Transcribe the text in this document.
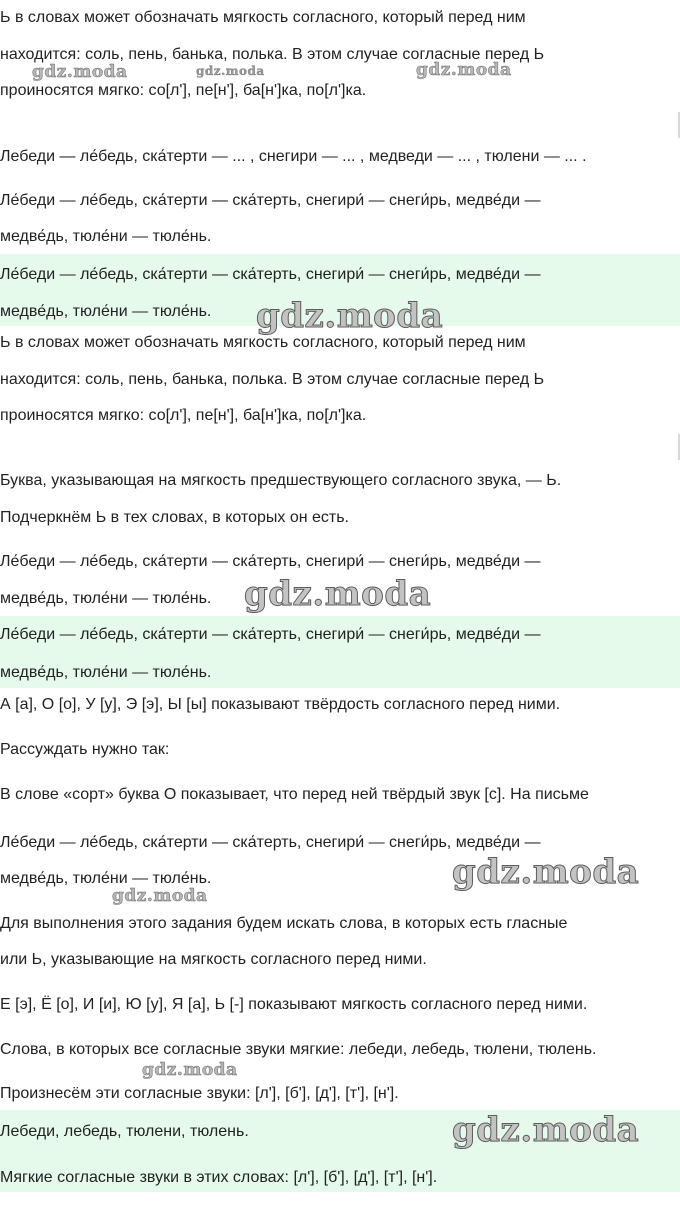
Ь в словах может обозначать мягкость согласного, который перед ним
находится: соль, пень, банька, полька. В этом случае согласные перед Ь
проиносятся мягко: со[л'], пе[н'], ба[н']ка, по[л']ка.
Лебеди — ле́бедь, ска́терти — ... , снегири — ... , медведи — ... , тюлени — ... .
Ле́беди — ле́бедь, ска́терти — ска́терть, снегири́ — снеги́рь, медве́ди —
медве́дь, тюле́ни — тюле́нь.
Ле́беди — ле́бедь, ска́терти — ска́терть, снегири́ — снеги́рь, медве́ди —
медве́дь, тюле́ни — тюле́нь.
Ь в словах может обозначать мягкость согласного, который перед ним
находится: соль, пень, банька, полька. В этом случае согласные перед Ь
проиносятся мягко: со[л'], пе[н'], ба[н']ка, по[л']ка.
Буква, указывающая на мягкость предшествующего согласного звука, — Ь.
Подчеркнём Ь в тех словах, в которых он есть.
Ле́беди — ле́бедь, ска́терти — ска́терть, снегири́ — снеги́рь, медве́ди —
медве́дь, тюле́ни — тюле́нь.
Ле́беди — ле́бедь, ска́терти — ска́терть, снегири́ — снеги́рь, медве́ди —
медве́дь, тюле́ни — тюле́нь.
А [а], О [о], У [у], Э [э], Ы [ы] показывают твёрдость согласного перед ними.
Рассуждать нужно так:
В слове «сорт» буква О показывает, что перед ней твёрдый звук [с]. На письме
Ле́беди — ле́бедь, ска́терти — ска́терть, снегири́ — снеги́рь, медве́ди —
медве́дь, тюле́ни — тюле́нь.
Для выполнения этого задания будем искать слова, в которых есть гласные
или Ь, указывающие на мягкость согласного перед ними.
Е [э], Ё [о], И [и], Ю [у], Я [а], Ь [-] показывают мягкость согласного перед ними.
Слова, в которых все согласные звуки мягкие: лебеди, лебедь, тюлени, тюлень.
Произнесём эти согласные звуки: [л'], [б'], [д'], [т'], [н'].
Лебеди, лебедь, тюлени, тюлень.
Мягкие согласные звуки в этих словах: [л'], [б'], [д'], [т'], [н'].
gdz.moda	gdz.moda	gdz.moda
gdz.moda
gdz.moda
gdz.moda
gdz.moda
gdz.moda
gdz.moda
